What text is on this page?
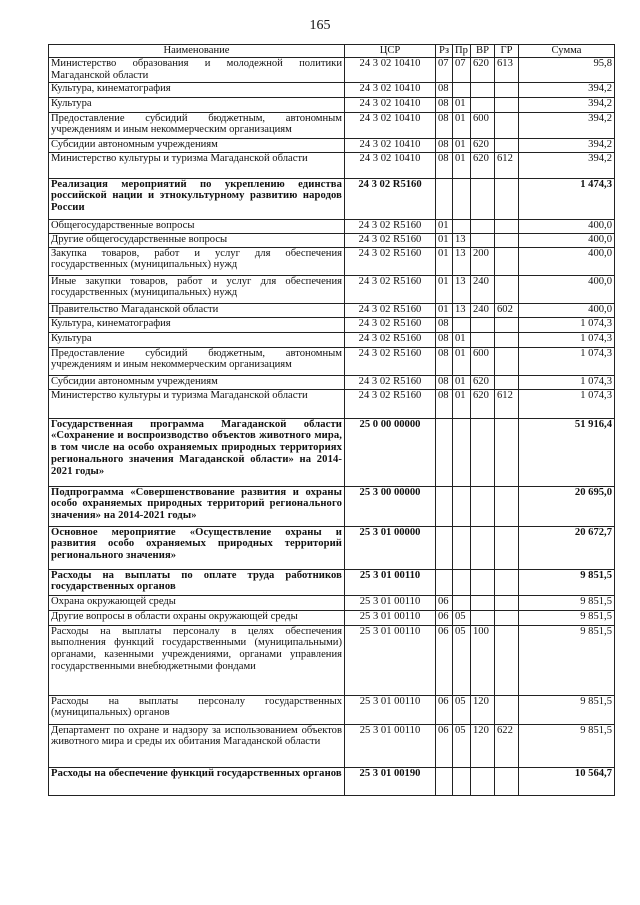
165
Наименование	ЦСР	Рз	Пр	ВР	ГР	Сумма
Министерство образования и молодежной политики Магаданской области	24 3 02 10410	07	07	620	613	95,8
Культура, кинематография	24 3 02 10410	08				394,2
Культура	24 3 02 10410	08	01			394,2
Предоставление субсидий бюджетным, автономным учреждениям и иным некоммерческим организациям	24 3 02 10410	08	01	600		394,2
Субсидии автономным учреждениям	24 3 02 10410	08	01	620		394,2
Министерство культуры и туризма Магаданской области	24 3 02 10410	08	01	620	612	394,2
Реализация мероприятий по укреплению единства российской нации и этнокультурному развитию народов России	24 3 02 R5160					1 474,3
Общегосударственные вопросы	24 3 02 R5160	01				400,0
Другие общегосударственные вопросы	24 3 02 R5160	01	13			400,0
Закупка товаров, работ и услуг для обеспечения государственных (муниципальных) нужд	24 3 02 R5160	01	13	200		400,0
Иные закупки товаров, работ и услуг для обеспечения государственных (муниципальных) нужд	24 3 02 R5160	01	13	240		400,0
Правительство Магаданской области	24 3 02 R5160	01	13	240	602	400,0
Культура, кинематография	24 3 02 R5160	08				1 074,3
Культура	24 3 02 R5160	08	01			1 074,3
Предоставление субсидий бюджетным, автономным учреждениям и иным некоммерческим организациям	24 3 02 R5160	08	01	600		1 074,3
Субсидии автономным учреждениям	24 3 02 R5160	08	01	620		1 074,3
Министерство культуры и туризма Магаданской области	24 3 02 R5160	08	01	620	612	1 074,3
Государственная программа Магаданской области «Сохранение и воспроизводство объектов животного мира, в том числе на особо охраняемых природных территориях регионального значения Магаданской области» на 2014-2021 годы»	25 0 00 00000					51 916,4
Подпрограмма «Совершенствование развития и охраны особо охраняемых природных территорий регионального значения» на 2014-2021 годы»	25 3 00 00000					20 695,0
Основное мероприятие «Осуществление охраны и развития особо охраняемых природных территорий регионального значения»	25 3 01 00000					20 672,7
Расходы на выплаты по оплате труда работников государственных органов	25 3 01 00110					9 851,5
Охрана окружающей среды	25 3 01 00110	06				9 851,5
Другие вопросы в области охраны окружающей среды	25 3 01 00110	06	05			9 851,5
Расходы на выплаты персоналу в целях обеспечения выполнения функций государственными (муниципальными) органами, казенными учреждениями, органами управления государственными внебюджетными фондами	25 3 01 00110	06	05	100		9 851,5
Расходы на выплаты персоналу государственных (муниципальных) органов	25 3 01 00110	06	05	120		9 851,5
Департамент по охране и надзору за использованием объектов животного мира и среды их обитания Магаданской области	25 3 01 00110	06	05	120	622	9 851,5
Расходы на обеспечение функций государственных органов	25 3 01 00190					10 564,7
